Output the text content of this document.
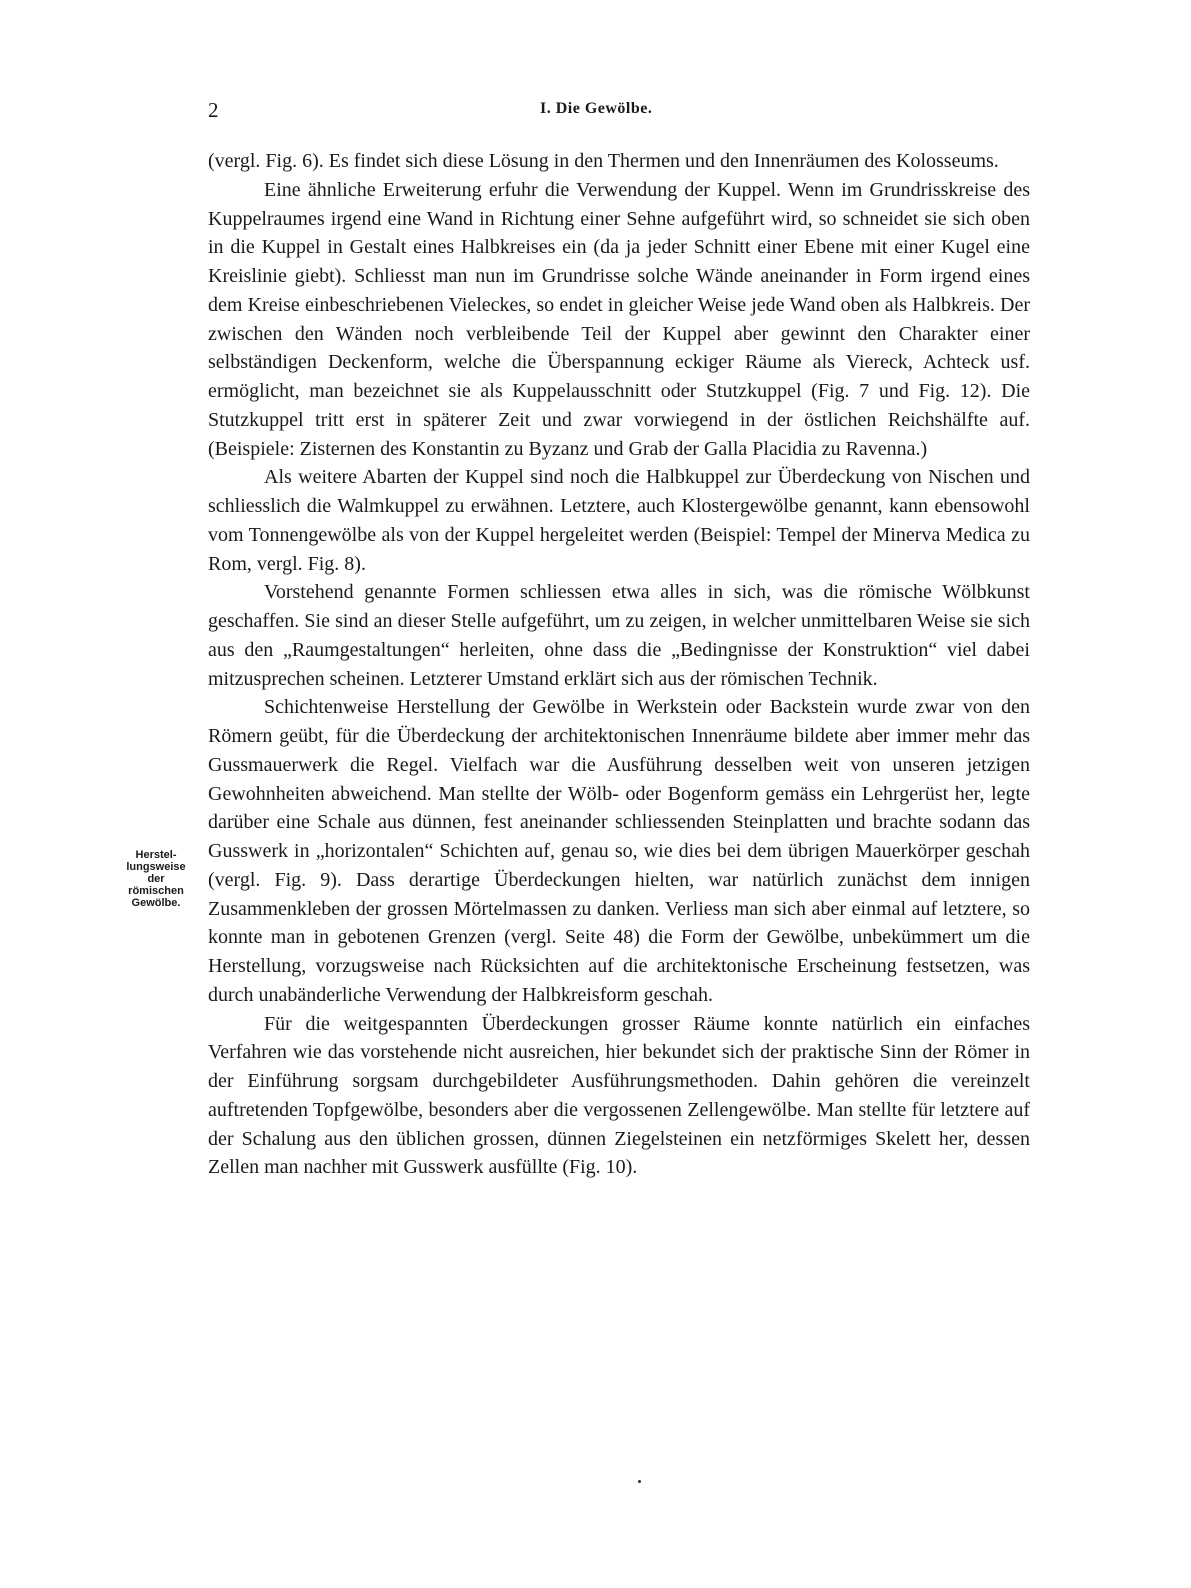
2	I. Die Gewölbe.
Herstel-
lungsweise
der
römischen
Gewölbe.

(vergl. Fig. 6). Es findet sich diese Lösung in den Thermen und den Innenräumen des Kolosseums.

Eine ähnliche Erweiterung erfuhr die Verwendung der Kuppel. Wenn im Grundrisskreise des Kuppelraumes irgend eine Wand in Richtung einer Sehne aufgeführt wird, so schneidet sie sich oben in die Kuppel in Gestalt eines Halbkreises ein (da ja jeder Schnitt einer Ebene mit einer Kugel eine Kreislinie giebt). Schliesst man nun im Grundrisse solche Wände aneinander in Form irgend eines dem Kreise einbeschriebenen Vieleckes, so endet in gleicher Weise jede Wand oben als Halbkreis. Der zwischen den Wänden noch verbleibende Teil der Kuppel aber gewinnt den Charakter einer selbständigen Deckenform, welche die Überspannung eckiger Räume als Viereck, Achteck usf. ermöglicht, man bezeichnet sie als Kuppelausschnitt oder Stutzkuppel (Fig. 7 und Fig. 12). Die Stutzkuppel tritt erst in späterer Zeit und zwar vorwiegend in der östlichen Reichshälfte auf. (Beispiele: Zisternen des Konstantin zu Byzanz und Grab der Galla Placidia zu Ravenna.)

Als weitere Abarten der Kuppel sind noch die Halbkuppel zur Überdeckung von Nischen und schliesslich die Walmkuppel zu erwähnen. Letztere, auch Klostergewölbe genannt, kann ebensowohl vom Tonnengewölbe als von der Kuppel hergeleitet werden (Beispiel: Tempel der Minerva Medica zu Rom, vergl. Fig. 8).

Vorstehend genannte Formen schliessen etwa alles in sich, was die römische Wölbkunst geschaffen. Sie sind an dieser Stelle aufgeführt, um zu zeigen, in welcher unmittelbaren Weise sie sich aus den „Raumgestaltungen“ herleiten, ohne dass die „Bedingnisse der Konstruktion“ viel dabei mitzusprechen scheinen. Letzterer Umstand erklärt sich aus der römischen Technik.

Schichtenweise Herstellung der Gewölbe in Werkstein oder Backstein wurde zwar von den Römern geübt, für die Überdeckung der architektonischen Innenräume bildete aber immer mehr das Gussmauerwerk die Regel. Vielfach war die Ausführung desselben weit von unseren jetzigen Gewohnheiten abweichend. Man stellte der Wölb- oder Bogenform gemäss ein Lehrgerüst her, legte darüber eine Schale aus dünnen, fest aneinander schliessenden Steinplatten und brachte sodann das Gusswerk in „horizontalen“ Schichten auf, genau so, wie dies bei dem übrigen Mauerkörper geschah (vergl. Fig. 9). Dass derartige Überdeckungen hielten, war natürlich zunächst dem innigen Zusammenkleben der grossen Mörtelmassen zu danken. Verliess man sich aber einmal auf letztere, so konnte man in gebotenen Grenzen (vergl. Seite 48) die Form der Gewölbe, unbekümmert um die Herstellung, vorzugsweise nach Rücksichten auf die architektonische Erscheinung festsetzen, was durch unabänderliche Verwendung der Halbkreisform geschah.

Für die weitgespannten Überdeckungen grosser Räume konnte natürlich ein einfaches Verfahren wie das vorstehende nicht ausreichen, hier bekundet sich der praktische Sinn der Römer in der Einführung sorgsam durchgebildeter Ausführungsmethoden. Dahin gehören die vereinzelt auftretenden Topfgewölbe, besonders aber die vergossenen Zellengewölbe. Man stellte für letztere auf der Schalung aus den üblichen grossen, dünnen Ziegelsteinen ein netzförmiges Skelett her, dessen Zellen man nachher mit Gusswerk ausfüllte (Fig. 10).
